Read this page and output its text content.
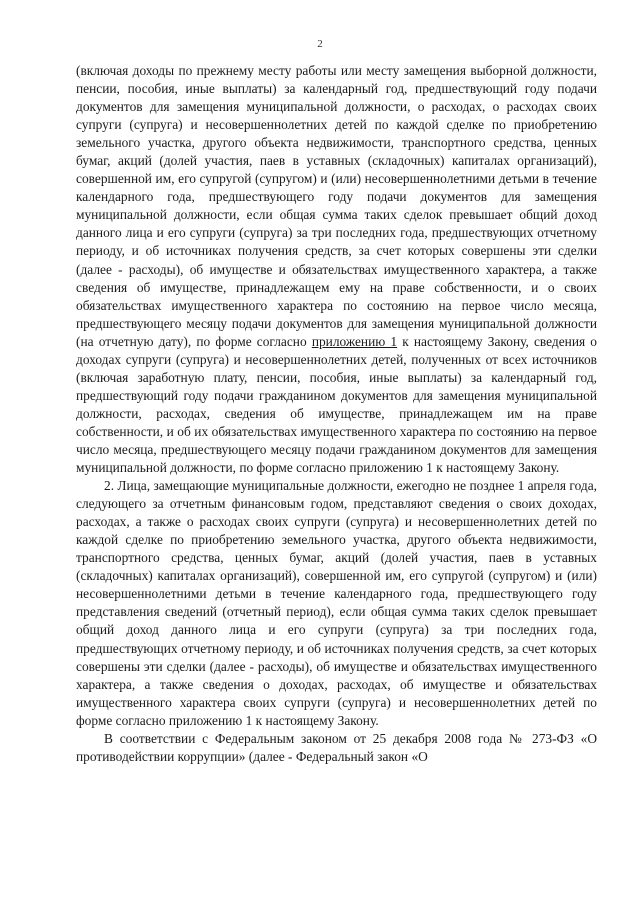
2

(включая доходы по прежнему месту работы или месту замещения выборной должности, пенсии, пособия, иные выплаты) за календарный год, предшествующий году подачи документов для замещения муниципальной должности, о расходах, о расходах своих супруги (супруга) и несовершеннолетних детей по каждой сделке по приобретению земельного участка, другого объекта недвижимости, транспортного средства, ценных бумаг, акций (долей участия, паев в уставных (складочных) капиталах организаций), совершенной им, его супругой (супругом) и (или) несовершеннолетними детьми в течение календарного года, предшествующего году подачи документов для замещения муниципальной должности, если общая сумма таких сделок превышает общий доход данного лица и его супруги (супруга) за три последних года, предшествующих отчетному периоду, и об источниках получения средств, за счет которых совершены эти сделки (далее - расходы), об имуществе и обязательствах имущественного характера, а также сведения об имуществе, принадлежащем ему на праве собственности, и о своих обязательствах имущественного характера по состоянию на первое число месяца, предшествующего месяцу подачи документов для замещения муниципальной должности (на отчетную дату), по форме согласно приложению 1 к настоящему Закону, сведения о доходах супруги (супруга) и несовершеннолетних детей, полученных от всех источников (включая заработную плату, пенсии, пособия, иные выплаты) за календарный год, предшествующий году подачи гражданином документов для замещения муниципальной должности, расходах, сведения об имуществе, принадлежащем им на праве собственности, и об их обязательствах имущественного характера по состоянию на первое число месяца, предшествующего месяцу подачи гражданином документов для замещения муниципальной должности, по форме согласно приложению 1 к настоящему Закону.

2. Лица, замещающие муниципальные должности, ежегодно не позднее 1 апреля года, следующего за отчетным финансовым годом, представляют сведения о своих доходах, расходах, а также о расходах своих супруги (супруга) и несовершеннолетних детей по каждой сделке по приобретению земельного участка, другого объекта недвижимости, транспортного средства, ценных бумаг, акций (долей участия, паев в уставных (складочных) капиталах организаций), совершенной им, его супругой (супругом) и (или) несовершеннолетними детьми в течение календарного года, предшествующего году представления сведений (отчетный период), если общая сумма таких сделок превышает общий доход данного лица и его супруги (супруга) за три последних года, предшествующих отчетному периоду, и об источниках получения средств, за счет которых совершены эти сделки (далее - расходы), об имуществе и обязательствах имущественного характера, а также сведения о доходах, расходах, об имуществе и обязательствах имущественного характера своих супруги (супруга) и несовершеннолетних детей по форме согласно приложению 1 к настоящему Закону.

В соответствии с Федеральным законом от 25 декабря 2008 года № 273-ФЗ «О противодействии коррупции» (далее - Федеральный закон «О
